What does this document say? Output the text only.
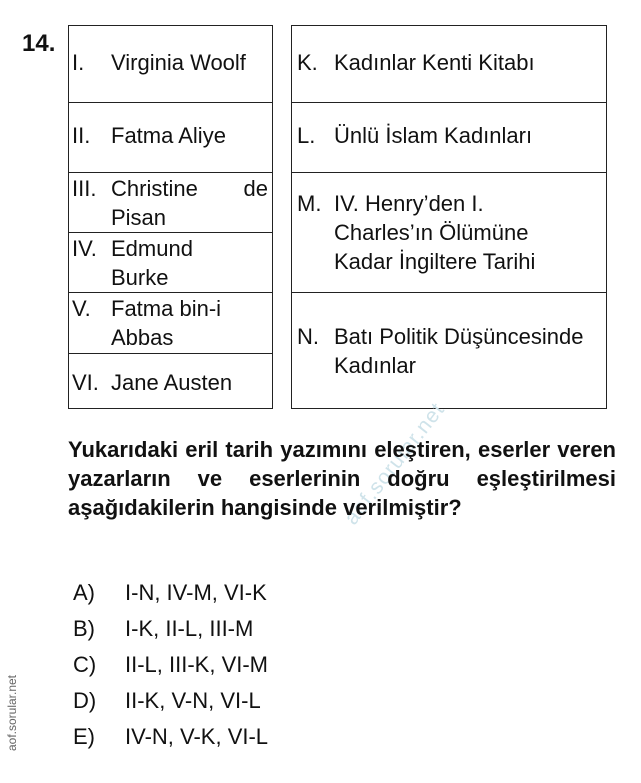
14.
I. Virginia Woolf
II. Fatma Aliye
III. Christine de
Pisan
IV. Edmund Burke
V. Fatma bin-i Abbas
VI. Jane Austen
K. Kadınlar Kenti Kitabı
L. Ünlü İslam Kadınları
M. IV. Henry’den I. Charles’ın Ölümüne Kadar İngiltere Tarihi
N. Batı Politik Düşüncesinde Kadınlar
aof.sorular.net
Yukarıdaki eril tarih yazımını eleştiren, eserler veren yazarların ve eserlerinin doğru eşleştirilmesi aşağıdakilerin hangisinde verilmiştir?
A) I-N, IV-M, VI-K
B) I-K, II-L, III-M
C) II-L, III-K, VI-M
D) II-K, V-N, VI-L
E) IV-N, V-K, VI-L
aof.sorular.net
